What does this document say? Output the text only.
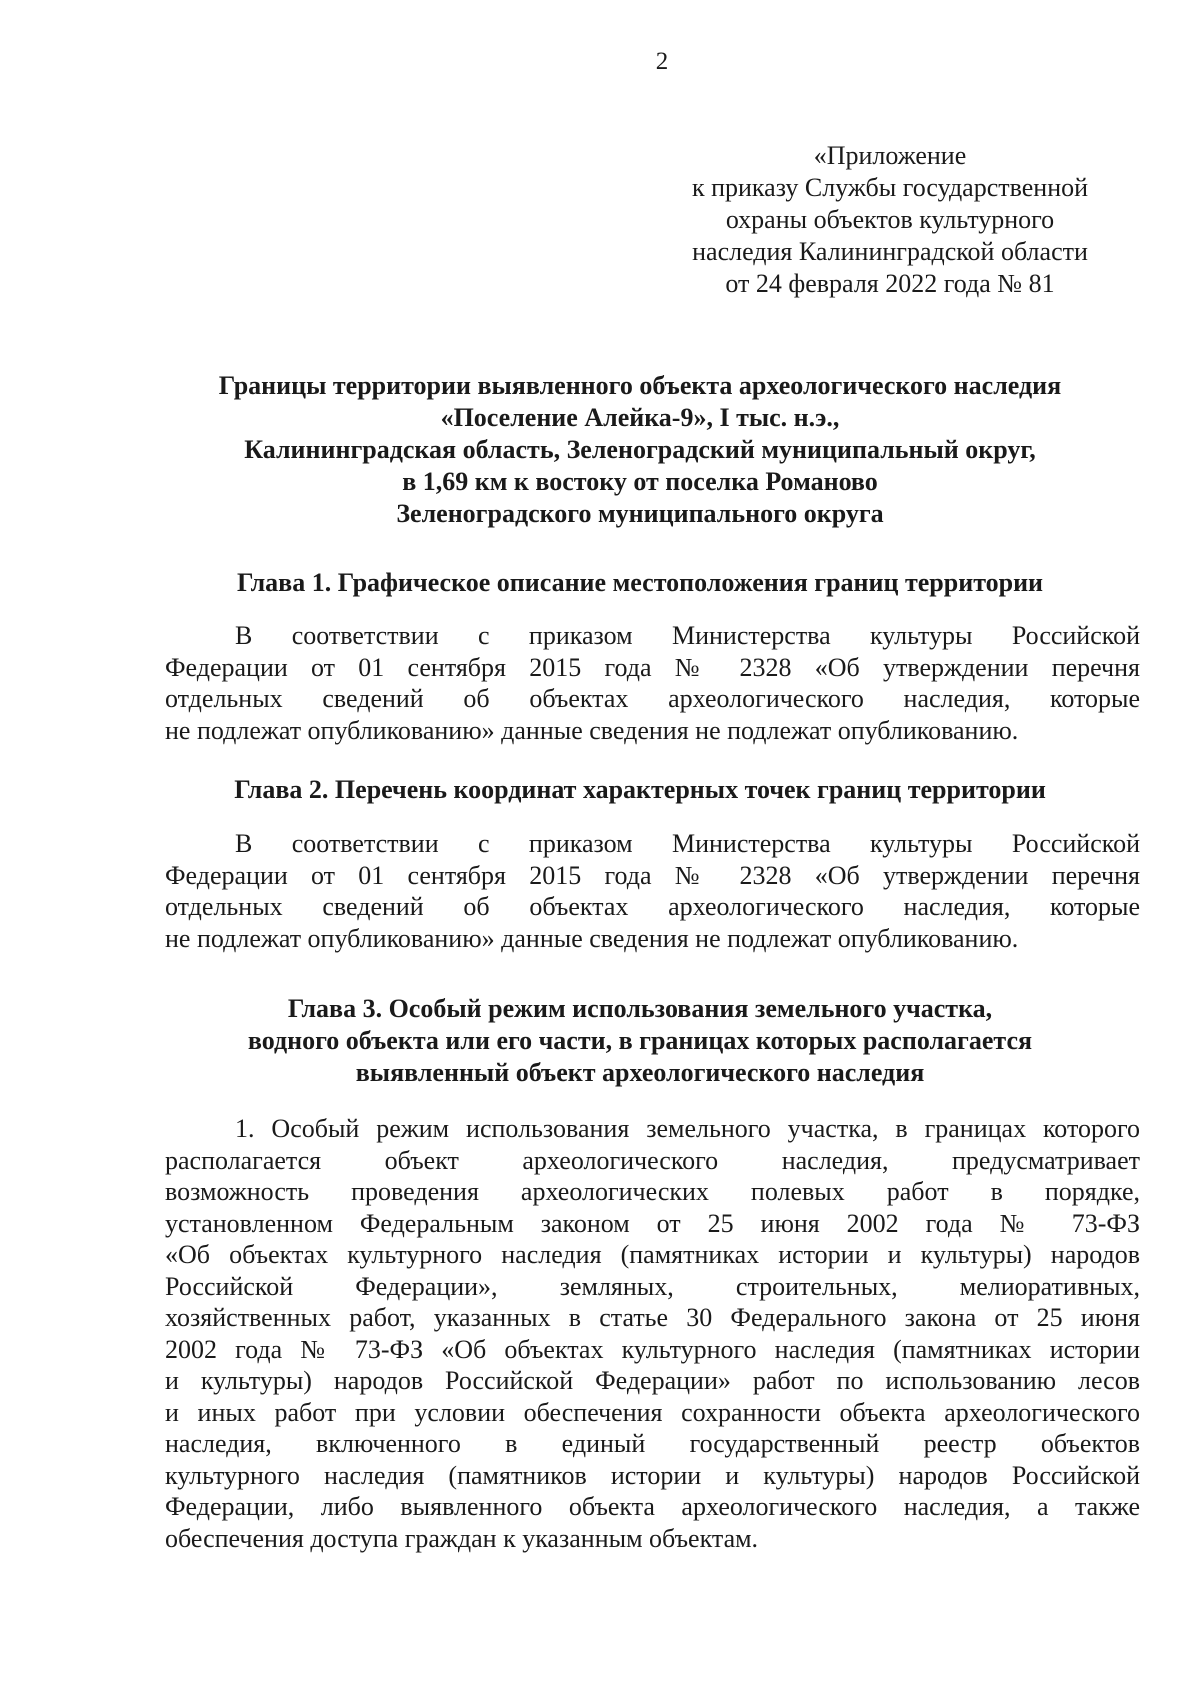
2
«Приложение
к приказу Службы государственной
охраны объектов культурного
наследия Калининградской области
от 24 февраля 2022 года № 81
Границы территории выявленного объекта археологического наследия
«Поселение Алейка-9», I тыс. н.э.,
Калининградская область, Зеленоградский муниципальный округ,
в 1,69 км к востоку от поселка Романово
Зеленоградского муниципального округа
Глава 1. Графическое описание местоположения границ территории
В соответствии с приказом Министерства культуры Российской
Федерации от 01 сентября 2015 года № 2328 «Об утверждении перечня
отдельных сведений об объектах археологического наследия, которые
не подлежат опубликованию» данные сведения не подлежат опубликованию.
Глава 2. Перечень координат характерных точек границ территории
В соответствии с приказом Министерства культуры Российской
Федерации от 01 сентября 2015 года № 2328 «Об утверждении перечня
отдельных сведений об объектах археологического наследия, которые
не подлежат опубликованию» данные сведения не подлежат опубликованию.
Глава 3. Особый режим использования земельного участка,
водного объекта или его части, в границах которых располагается
выявленный объект археологического наследия
1. Особый режим использования земельного участка, в границах которого
располагается объект археологического наследия, предусматривает
возможность проведения археологических полевых работ в порядке,
установленном Федеральным законом от 25 июня 2002 года № 73-ФЗ
«Об объектах культурного наследия (памятниках истории и культуры) народов
Российской Федерации», земляных, строительных, мелиоративных,
хозяйственных работ, указанных в статье 30 Федерального закона от 25 июня
2002 года № 73-ФЗ «Об объектах культурного наследия (памятниках истории
и культуры) народов Российской Федерации» работ по использованию лесов
и иных работ при условии обеспечения сохранности объекта археологического
наследия, включенного в единый государственный реестр объектов
культурного наследия (памятников истории и культуры) народов Российской
Федерации, либо выявленного объекта археологического наследия, а также
обеспечения доступа граждан к указанным объектам.
